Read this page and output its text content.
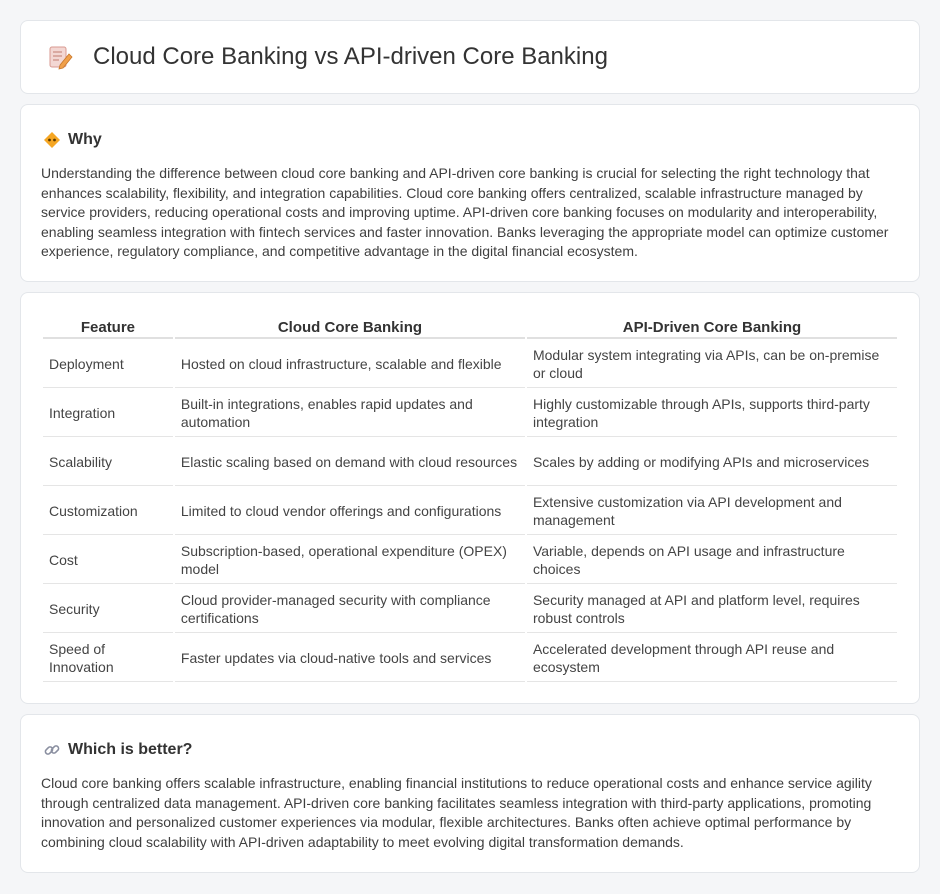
Cloud Core Banking vs API-driven Core Banking
Why

Understanding the difference between cloud core banking and API-driven core banking is crucial for selecting the right technology that enhances scalability, flexibility, and integration capabilities. Cloud core banking offers centralized, scalable infrastructure managed by service providers, reducing operational costs and improving uptime. API-driven core banking focuses on modularity and interoperability, enabling seamless integration with fintech services and faster innovation. Banks leveraging the appropriate model can optimize customer experience, regulatory compliance, and competitive advantage in the digital financial ecosystem.

Feature	Cloud Core Banking	API-Driven Core Banking
Deployment	Hosted on cloud infrastructure, scalable and flexible	Modular system integrating via APIs, can be on-premise or cloud
Integration	Built-in integrations, enables rapid updates and automation	Highly customizable through APIs, supports third-party integration
Scalability	Elastic scaling based on demand with cloud resources	Scales by adding or modifying APIs and microservices
Customization	Limited to cloud vendor offerings and configurations	Extensive customization via API development and management
Cost	Subscription-based, operational expenditure (OPEX) model	Variable, depends on API usage and infrastructure choices
Security	Cloud provider-managed security with compliance certifications	Security managed at API and platform level, requires robust controls
Speed of Innovation	Faster updates via cloud-native tools and services	Accelerated development through API reuse and ecosystem
Which is better?

Cloud core banking offers scalable infrastructure, enabling financial institutions to reduce operational costs and enhance service agility through centralized data management. API-driven core banking facilitates seamless integration with third-party applications, promoting innovation and personalized customer experiences via modular, flexible architectures. Banks often achieve optimal performance by combining cloud scalability with API-driven adaptability to meet evolving digital transformation demands.
